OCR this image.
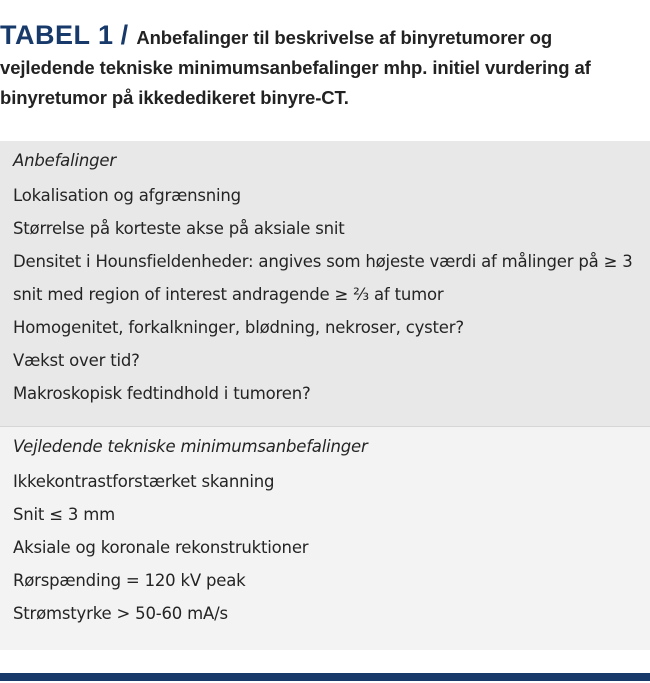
TABEL 1 / Anbefalinger til beskrivelse af binyretumorer og vejledende tekniske minimumsanbefalinger mhp. initiel vurdering af binyretumor på ikkededikeret binyre-CT.
Anbefalinger
Lokalisation og afgrænsning
Størrelse på korteste akse på aksiale snit
Densitet i Hounsfieldenheder: angives som højeste værdi af målinger på ≥ 3 snit med region of interest andragende ≥ ⅔ af tumor
Homogenitet, forkalkninger, blødning, nekroser, cyster?
Vækst over tid?
Makroskopisk fedtindhold i tumoren?
Vejledende tekniske minimumsanbefalinger
Ikkekontrastforstærket skanning
Snit ≤ 3 mm
Aksiale og koronale rekonstruktioner
Rørspænding = 120 kV peak
Strømstyrke > 50-60 mA/s
